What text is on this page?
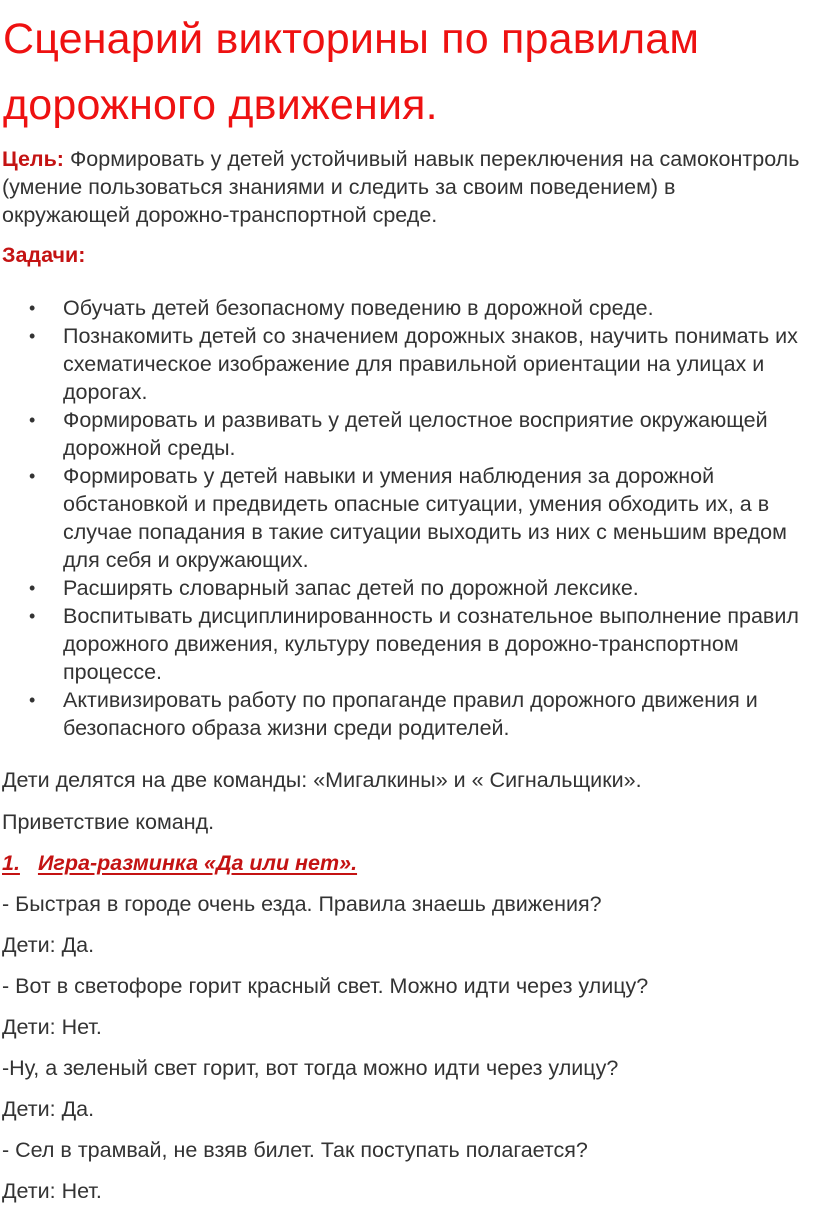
Сценарий викторины по правилам дорожного движения.

Цель: Формировать у детей устойчивый навык переключения на самоконтроль (умение пользоваться знаниями и следить за своим поведением) в окружающей дорожно-транспортной среде.

Задачи:

• Обучать детей безопасному поведению в дорожной среде.
• Познакомить детей со значением дорожных знаков, научить понимать их схематическое изображение для правильной ориентации на улицах и дорогах.
• Формировать и развивать у детей целостное восприятие окружающей дорожной среды.
• Формировать у детей навыки и умения наблюдения за дорожной обстановкой и предвидеть опасные ситуации, умения обходить их, а в случае попадания в такие ситуации выходить из них с меньшим вредом для себя и окружающих.
• Расширять словарный запас детей по дорожной лексике.
• Воспитывать дисциплинированность и сознательное выполнение правил дорожного движения, культуру поведения в дорожно-транспортном процессе.
• Активизировать работу по пропаганде правил дорожного движения и безопасного образа жизни среди родителей.

Дети делятся на две команды: «Мигалкины» и « Сигнальщики».

Приветствие команд.

1. Игра-разминка «Да или нет».

- Быстрая в городе очень езда. Правила знаешь движения?

Дети: Да.

- Вот в светофоре горит красный свет. Можно идти через улицу?

Дети: Нет.

-Ну, а зеленый свет горит, вот тогда можно идти через улицу?

Дети: Да.

- Сел в трамвай, не взяв билет. Так поступать полагается?

Дети: Нет.
